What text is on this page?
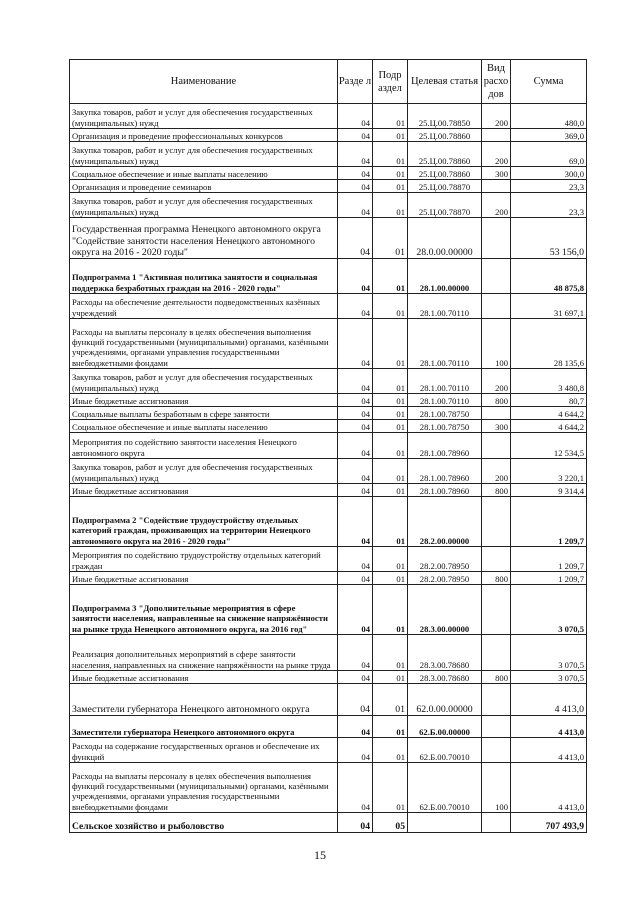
Наименование	Разде л	Подр аздел	Целевая статья	Вид расхо дов	Сумма
Закупка товаров, работ и услуг для обеспечения государственных (муниципальных) нужд	04	01	25.Ц.00.78850	200	480,0
Организация и проведение профессиональных конкурсов	04	01	25.Ц.00.78860		369,0
Закупка товаров, работ и услуг для обеспечения государственных (муниципальных) нужд	04	01	25.Ц.00.78860	200	69,0
Социальное обеспечение и иные выплаты населению	04	01	25.Ц.00.78860	300	300,0
Организация и проведение семинаров	04	01	25.Ц.00.78870		23,3
Закупка товаров, работ и услуг для обеспечения государственных (муниципальных) нужд	04	01	25.Ц.00.78870	200	23,3
Государственная программа Ненецкого автономного округа "Содействие занятости населения Ненецкого автономного округа на 2016 - 2020 годы"	04	01	28.0.00.00000		53 156,0
Подпрограмма 1 "Активная политика занятости и социальная поддержка безработных граждан на 2016 - 2020 годы"	04	01	28.1.00.00000		48 875,8
Расходы на обеспечение деятельности подведомственных казённых учреждений	04	01	28.1.00.70110		31 697,1
Расходы на выплаты персоналу в целях обеспечения выполнения функций государственными (муниципальными) органами, казёнными учреждениями, органами управления государственными внебюджетными фондами	04	01	28.1.00.70110	100	28 135,6
Закупка товаров, работ и услуг для обеспечения государственных (муниципальных) нужд	04	01	28.1.00.70110	200	3 480,8
Иные бюджетные ассигнования	04	01	28.1.00.70110	800	80,7
Социальные выплаты безработным в сфере занятости	04	01	28.1.00.78750		4 644,2
Социальное обеспечение и иные выплаты населению	04	01	28.1.00.78750	300	4 644,2
Мероприятия по содействию занятости населения Ненецкого автономного округа	04	01	28.1.00.78960		12 534,5
Закупка товаров, работ и услуг для обеспечения государственных (муниципальных) нужд	04	01	28.1.00.78960	200	3 220,1
Иные бюджетные ассигнования	04	01	28.1.00.78960	800	9 314,4
Подпрограмма 2 "Содействие трудоустройству отдельных категорий граждан, проживающих на территории Ненецкого автономного округа на 2016 - 2020 годы"	04	01	28.2.00.00000		1 209,7
Мероприятия по содействию трудоустройству отдельных категорий граждан	04	01	28.2.00.78950		1 209,7
Иные бюджетные ассигнования	04	01	28.2.00.78950	800	1 209,7
Подпрограмма 3 "Дополнительные мероприятия в сфере занятости населения, направленные на снижение напряжённости на рынке труда Ненецкого автономного округа, на 2016 год"	04	01	28.3.00.00000		3 070,5
Реализация дополнительных мероприятий в сфере занятости населения, направленных на снижение напряжённости на рынке труда	04	01	28.3.00.78680		3 070,5
Иные бюджетные ассигнования	04	01	28.3.00.78680	800	3 070,5
Заместители губернатора Ненецкого автономного округа	04	01	62.0.00.00000		4 413,0
Заместители губернатора Ненецкого автономного округа	04	01	62.Б.00.00000		4 413,0
Расходы на содержание государственных органов и обеспечение их функций	04	01	62.Б.00.70010		4 413,0
Расходы на выплаты персоналу в целях обеспечения выполнения функций государственными (муниципальными) органами, казёнными учреждениями, органами управления государственными внебюджетными фондами	04	01	62.Б.00.70010	100	4 413,0
Сельское хозяйство и рыболовство	04	05			707 493,9
15
